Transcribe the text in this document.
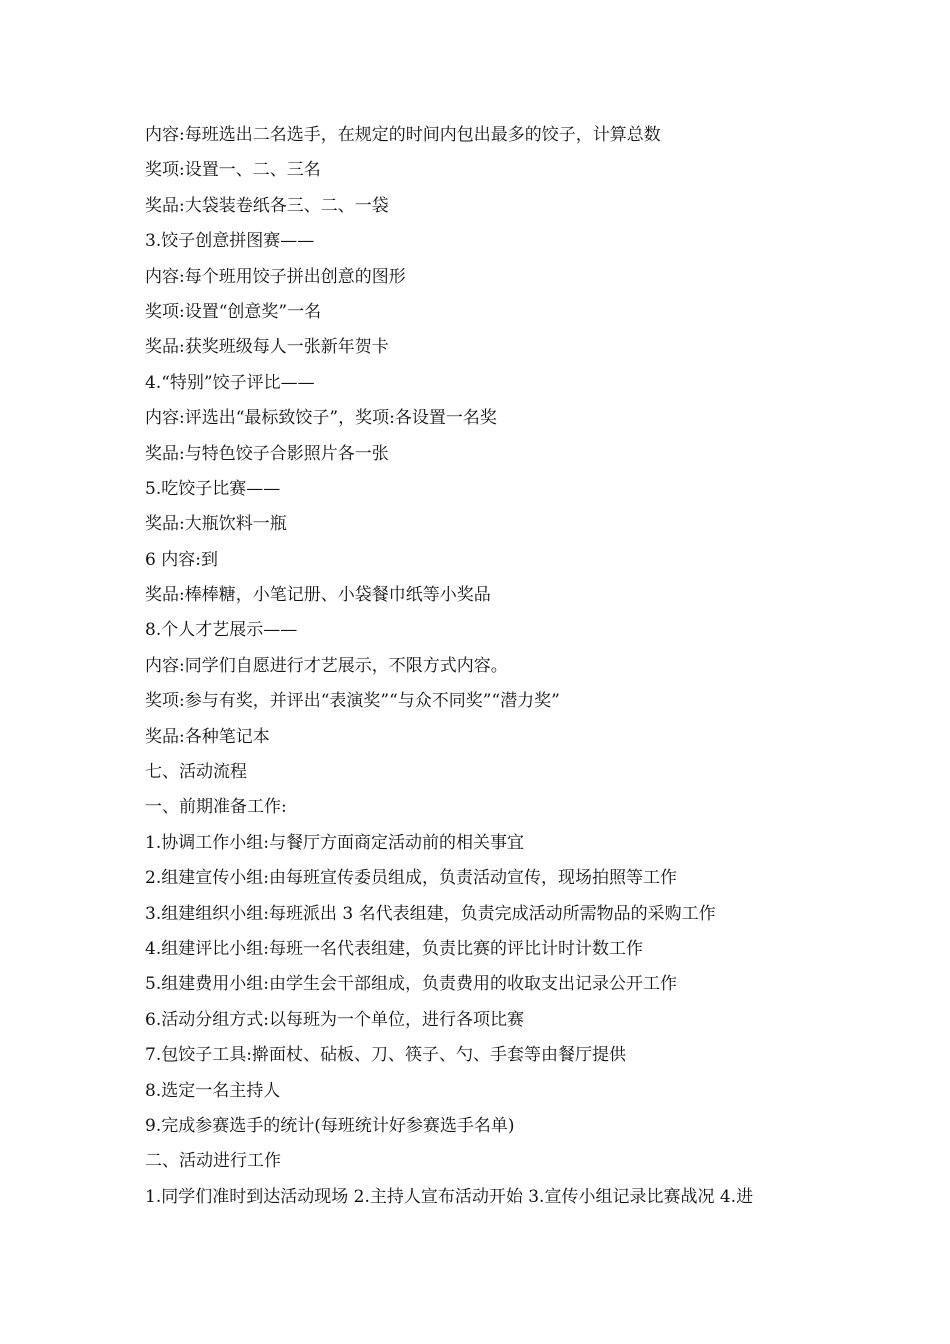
内容:每班选出二名选手，在规定的时间内包出最多的饺子，计算总数
奖项:设置一、二、三名
奖品:大袋装卷纸各三、二、一袋
3.饺子创意拼图赛——
内容:每个班用饺子拼出创意的图形
奖项:设置“创意奖”一名
奖品:获奖班级每人一张新年贺卡
4.“特别”饺子评比——
内容:评选出“最标致饺子”，奖项:各设置一名奖
奖品:与特色饺子合影照片各一张
5.吃饺子比赛——
奖品:大瓶饮料一瓶
6 内容:到
奖品:棒棒糖，小笔记册、小袋餐巾纸等小奖品
8.个人才艺展示——
内容:同学们自愿进行才艺展示，不限方式内容。
奖项:参与有奖，并评出“表演奖”“与众不同奖”“潜力奖”
奖品:各种笔记本
七、活动流程
一、前期准备工作:
1.协调工作小组:与餐厅方面商定活动前的相关事宜
2.组建宣传小组:由每班宣传委员组成，负责活动宣传，现场拍照等工作
3.组建组织小组:每班派出 3 名代表组建，负责完成活动所需物品的采购工作
4.组建评比小组:每班一名代表组建，负责比赛的评比计时计数工作
5.组建费用小组:由学生会干部组成，负责费用的收取支出记录公开工作
6.活动分组方式:以每班为一个单位，进行各项比赛
7.包饺子工具:擀面杖、砧板、刀、筷子、勺、手套等由餐厅提供
8.选定一名主持人
9.完成参赛选手的统计(每班统计好参赛选手名单)
二、活动进行工作
1.同学们准时到达活动现场 2.主持人宣布活动开始 3.宣传小组记录比赛战况 4.进
